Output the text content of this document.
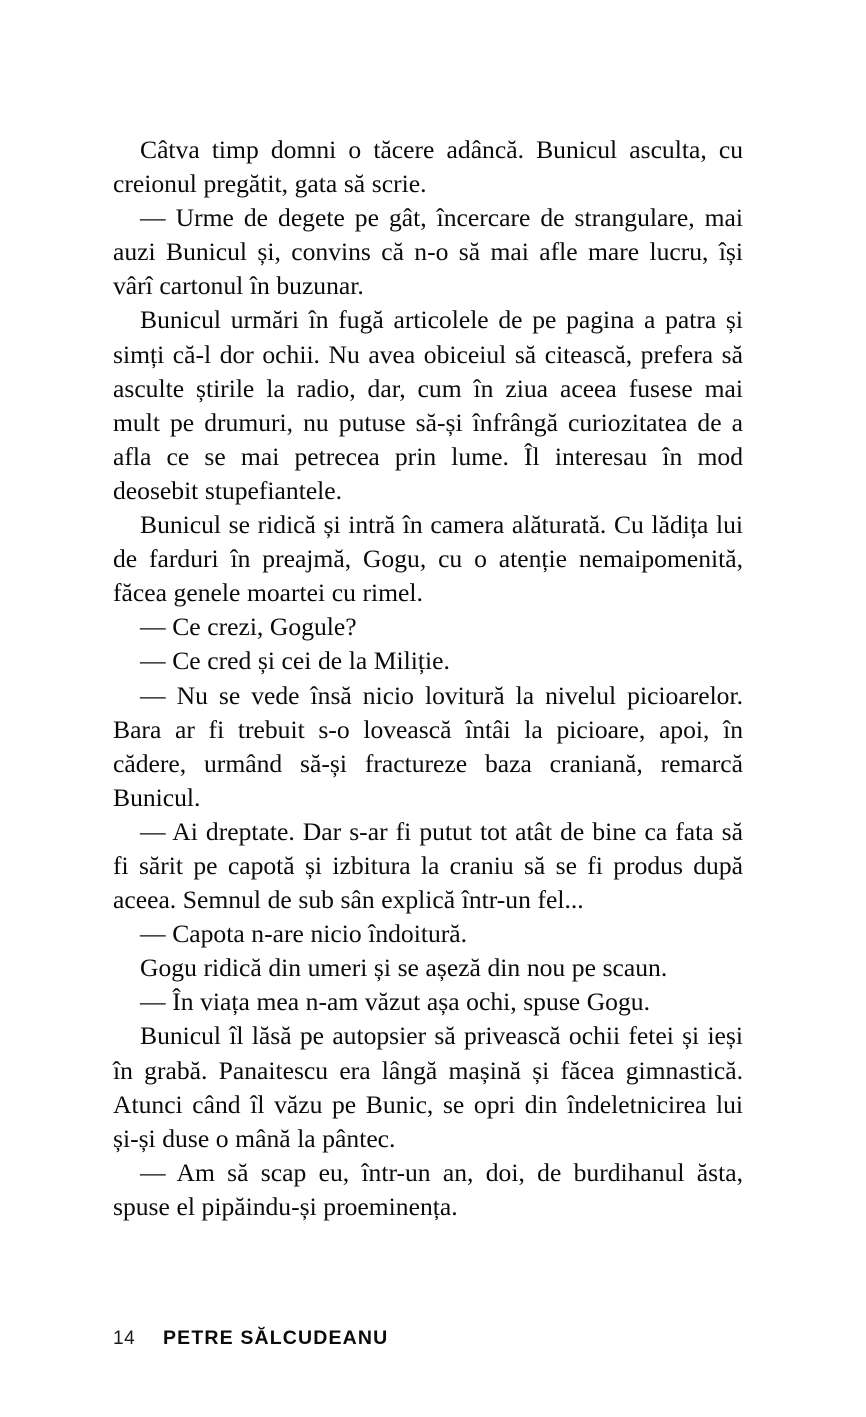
Câtva timp domni o tăcere adâncă. Bunicul asculta, cu creionul pregătit, gata să scrie.

— Urme de degete pe gât, încercare de strangulare, mai auzi Bunicul și, convins că n-o să mai afle mare lucru, își vârî cartonul în buzunar.

Bunicul urmări în fugă articolele de pe pagina a patra și simți că-l dor ochii. Nu avea obiceiul să citească, prefera să asculte știrile la radio, dar, cum în ziua aceea fusese mai mult pe drumuri, nu putuse să-și înfrângă curiozitatea de a afla ce se mai petrecea prin lume. Îl interesau în mod deosebit stupefiantele.

Bunicul se ridică și intră în camera alăturată. Cu lădița lui de farduri în preajmă, Gogu, cu o atenție nemaipomenită, făcea genele moartei cu rimel.

— Ce crezi, Gogule?

— Ce cred și cei de la Miliție.

— Nu se vede însă nicio lovitură la nivelul picioarelor. Bara ar fi trebuit s-o lovească întâi la picioare, apoi, în cădere, urmând să-și fractureze baza craniană, remarcă Bunicul.

— Ai dreptate. Dar s-ar fi putut tot atât de bine ca fata să fi sărit pe capotă și izbitura la craniu să se fi produs după aceea. Semnul de sub sân explică într-un fel...

— Capota n-are nicio îndoitură.

Gogu ridică din umeri și se așeză din nou pe scaun.

— În viața mea n-am văzut așa ochi, spuse Gogu.

Bunicul îl lăsă pe autopsier să privească ochii fetei și ieși în grabă. Panaitescu era lângă mașină și făcea gimnastică. Atunci când îl văzu pe Bunic, se opri din îndeletnicirea lui și-și duse o mână la pântec.

— Am să scap eu, într-un an, doi, de burdihanul ăsta, spuse el pipăindu-și proeminența.

14	PETRE SĂLCUDEANU
